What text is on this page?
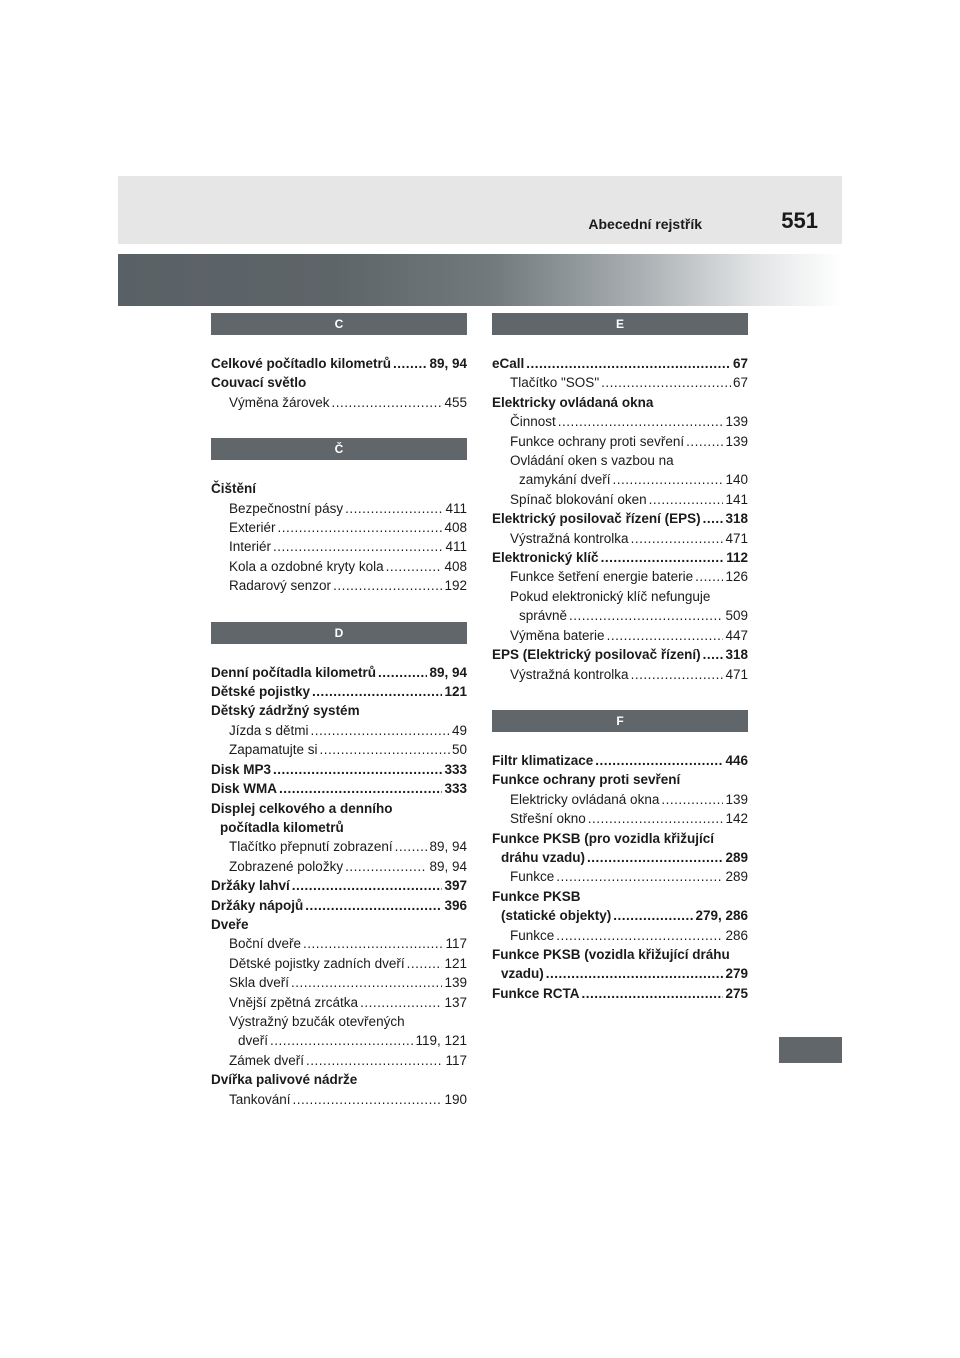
Abecední rejstřík	551
C
Celkové počítadlo kilometrů .....	89, 94
Couvací světlo
Výměna žárovek .....	455
Č
Čištění
Bezpečnostní pásy .....	411
Exteriér .....	408
Interiér .....	411
Kola a ozdobné kryty kola .....	408
Radarový senzor .....	192
D
Denní počítadla kilometrů .....	89, 94
Dětské pojistky .....	121
Dětský zádržný systém
Jízda s dětmi .....	49
Zapamatujte si .....	50
Disk MP3 .....	333
Disk WMA .....	333
Displej celkového a denního
počítadla kilometrů
Tlačítko přepnutí zobrazení .....	89, 94
Zobrazené položky .....	89, 94
Držáky lahví .....	397
Držáky nápojů .....	396
Dveře
Boční dveře .....	117
Dětské pojistky zadních dveří .....	121
Skla dveří .....	139
Vnější zpětná zrcátka .....	137
Výstražný bzučák otevřených
dveří .....	119, 121
Zámek dveří .....	117
Dvířka palivové nádrže
Tankování .....	190
E
eCall .....	67
Tlačítko "SOS" .....	67
Elektricky ovládaná okna
Činnost .....	139
Funkce ochrany proti sevření .....	139
Ovládání oken s vazbou na
zamykání dveří .....	140
Spínač blokování oken .....	141
Elektrický posilovač řízení (EPS) ..... 318
Výstražná kontrolka .....	471
Elektronický klíč .....	112
Funkce šetření energie baterie ..... 126
Pokud elektronický klíč nefunguje
správně .....	509
Výměna baterie .....	447
EPS (Elektrický posilovač řízení) ..... 318
Výstražná kontrolka .....	471
F
Filtr klimatizace .....	446
Funkce ochrany proti sevření
Elektricky ovládaná okna .....	139
Střešní okno .....	142
Funkce PKSB (pro vozidla křižující
dráhu vzadu) .....	289
Funkce .....	289
Funkce PKSB
(statické objekty) .....	279, 286
Funkce .....	286
Funkce PKSB (vozidla křižující dráhu
vzadu) .....	279
Funkce RCTA .....	275
